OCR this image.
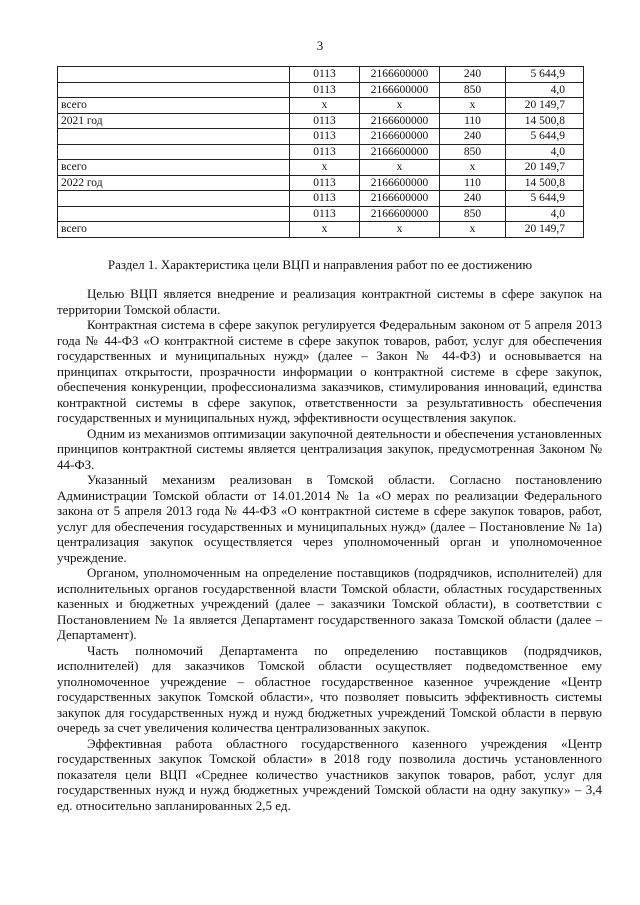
3
	0113	2166600000	240	5 644,9
	0113	2166600000	850	4,0
всего	х	х	х	20 149,7
2021 год	0113	2166600000	110	14 500,8
	0113	2166600000	240	5 644,9
	0113	2166600000	850	4,0
всего	х	х	х	20 149,7
2022 год	0113	2166600000	110	14 500,8
	0113	2166600000	240	5 644,9
	0113	2166600000	850	4,0
всего	х	х	х	20 149,7
Раздел 1. Характеристика цели ВЦП и направления работ по ее достижению

Целью ВЦП является внедрение и реализация контрактной системы в сфере закупок на территории Томской области.

Контрактная система в сфере закупок регулируется Федеральным законом от 5 апреля 2013 года № 44-ФЗ «О контрактной системе в сфере закупок товаров, работ, услуг для обеспечения государственных и муниципальных нужд» (далее – Закон № 44-ФЗ) и основывается на принципах открытости, прозрачности информации о контрактной системе в сфере закупок, обеспечения конкуренции, профессионализма заказчиков, стимулирования инноваций, единства контрактной системы в сфере закупок, ответственности за результативность обеспечения государственных и муниципальных нужд, эффективности осуществления закупок.

Одним из механизмов оптимизации закупочной деятельности и обеспечения установленных принципов контрактной системы является централизация закупок, предусмотренная Законом № 44-ФЗ.

Указанный механизм реализован в Томской области. Согласно постановлению Администрации Томской области от 14.01.2014 № 1а «О мерах по реализации Федерального закона от 5 апреля 2013 года № 44-ФЗ «О контрактной системе в сфере закупок товаров, работ, услуг для обеспечения государственных и муниципальных нужд» (далее – Постановление № 1а) централизация закупок осуществляется через уполномоченный орган и уполномоченное учреждение.

Органом, уполномоченным на определение поставщиков (подрядчиков, исполнителей) для исполнительных органов государственной власти Томской области, областных государственных казенных и бюджетных учреждений (далее – заказчики Томской области), в соответствии с Постановлением № 1а является Департамент государственного заказа Томской области (далее – Департамент).

Часть полномочий Департамента по определению поставщиков (подрядчиков, исполнителей) для заказчиков Томской области осуществляет подведомственное ему уполномоченное учреждение – областное государственное казенное учреждение «Центр государственных закупок Томской области», что позволяет повысить эффективность системы закупок для государственных нужд и нужд бюджетных учреждений Томской области в первую очередь за счет увеличения количества централизованных закупок.

Эффективная работа областного государственного казенного учреждения «Центр государственных закупок Томской области» в 2018 году позволила достичь установленного показателя цели ВЦП «Среднее количество участников закупок товаров, работ, услуг для государственных нужд и нужд бюджетных учреждений Томской области на одну закупку» – 3,4 ед. относительно запланированных 2,5 ед.
